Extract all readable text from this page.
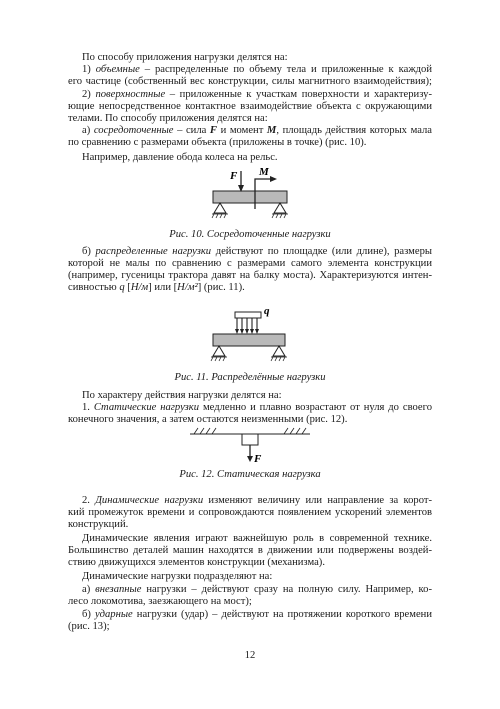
По способу приложения нагрузки делятся на:
1) объемные – распределенные по объему тела и приложенные к каждой
его частице (собственный вес конструкции, силы магнитного взаимодействия);
2) поверхностные – приложенные к участкам поверхности и характеризу-
ющие непосредственное контактное взаимодействие объекта с окружающими
телами. По способу приложения делятся на:
а) сосредоточенные – сила F и момент M, площадь действия которых мала
по сравнению с размерами объекта (приложены в точке) (рис. 10).
Например, давление обода колеса на рельс.
F M
Рис. 10. Сосредоточенные нагрузки
б) распределенные нагрузки действуют по площадке (или длине), размеры
которой не малы по сравнению с размерами самого элемента конструкции
(например, гусеницы трактора давят на балку моста). Характеризуются интен-
сивностью q [Н/м] или [Н/м²] (рис. 11).
q
Рис. 11. Распределённые нагрузки
По характеру действия нагрузки делятся на:
1. Статические нагрузки медленно и плавно возрастают от нуля до своего
конечного значения, а затем остаются неизменными (рис. 12).
F
Рис. 12. Статическая нагрузка
2. Динамические нагрузки изменяют величину или направление за корот-
кий промежуток времени и сопровождаются появлением ускорений элементов
конструкций.
Динамические явления играют важнейшую роль в современной технике.
Большинство деталей машин находятся в движении или подвержены воздей-
ствию движущихся элементов конструкции (механизма).
Динамические нагрузки подразделяют на:
а) внезапные нагрузки – действуют сразу на полную силу. Например, ко-
лесо локомотива, заезжающего на мост);
б) ударные нагрузки (удар) – действуют на протяжении короткого времени
(рис. 13);
12
